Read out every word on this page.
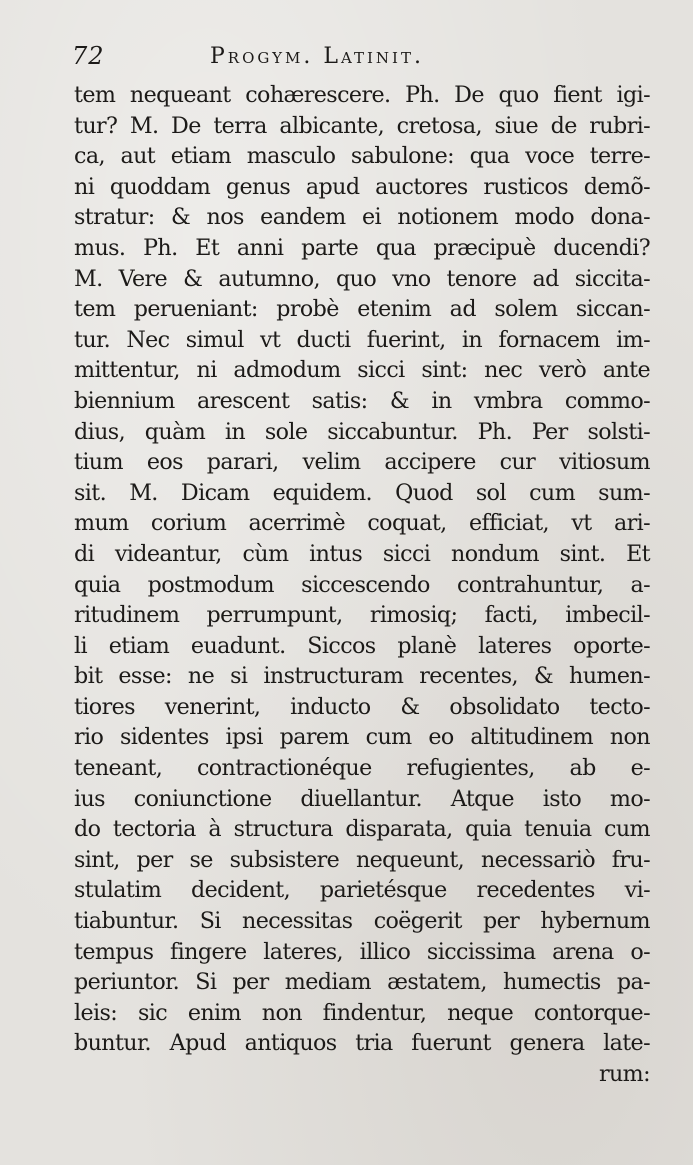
72	Progym. Latinit.
tem nequeant cohærescere. Ph. De quo fient igi-
tur? M. De terra albicante, cretosa, siue de rubri-
ca, aut etiam masculo sabulone: qua voce terre-
ni quoddam genus apud auctores rusticos demõ-
stratur: & nos eandem ei notionem modo dona-
mus. Ph. Et anni parte qua præcipuè ducendi?
M. Vere & autumno, quo vno tenore ad siccita-
tem perueniant: probè etenim ad solem siccan-
tur. Nec simul vt ducti fuerint, in fornacem im-
mittentur, ni admodum sicci sint: nec verò ante
biennium arescent satis: & in vmbra commo-
dius, quàm in sole siccabuntur. Ph. Per solsti-
tium eos parari, velim accipere cur vitiosum
sit. M. Dicam equidem. Quod sol cum sum-
mum corium acerrimè coquat, efficiat, vt ari-
di videantur, cùm intus sicci nondum sint. Et
quia postmodum siccescendo contrahuntur, a-
ritudinem perrumpunt, rimosiq; facti, imbecil-
li etiam euadunt. Siccos planè lateres oporte-
bit esse: ne si instructuram recentes, & humen-
tiores venerint, inducto & obsolidato tecto-
rio sidentes ipsi parem cum eo altitudinem non
teneant, contractionéque refugientes, ab e-
ius coniunctione diuellantur. Atque isto mo-
do tectoria à structura disparata, quia tenuia cum
sint, per se subsistere nequeunt, necessariò fru-
stulatim decident, parietésque recedentes vi-
tiabuntur. Si necessitas coëgerit per hybernum
tempus fingere lateres, illico siccissima arena o-
periuntor. Si per mediam æstatem, humectis pa-
leis: sic enim non findentur, neque contorque-
buntur. Apud antiquos tria fuerunt genera late-
rum:
